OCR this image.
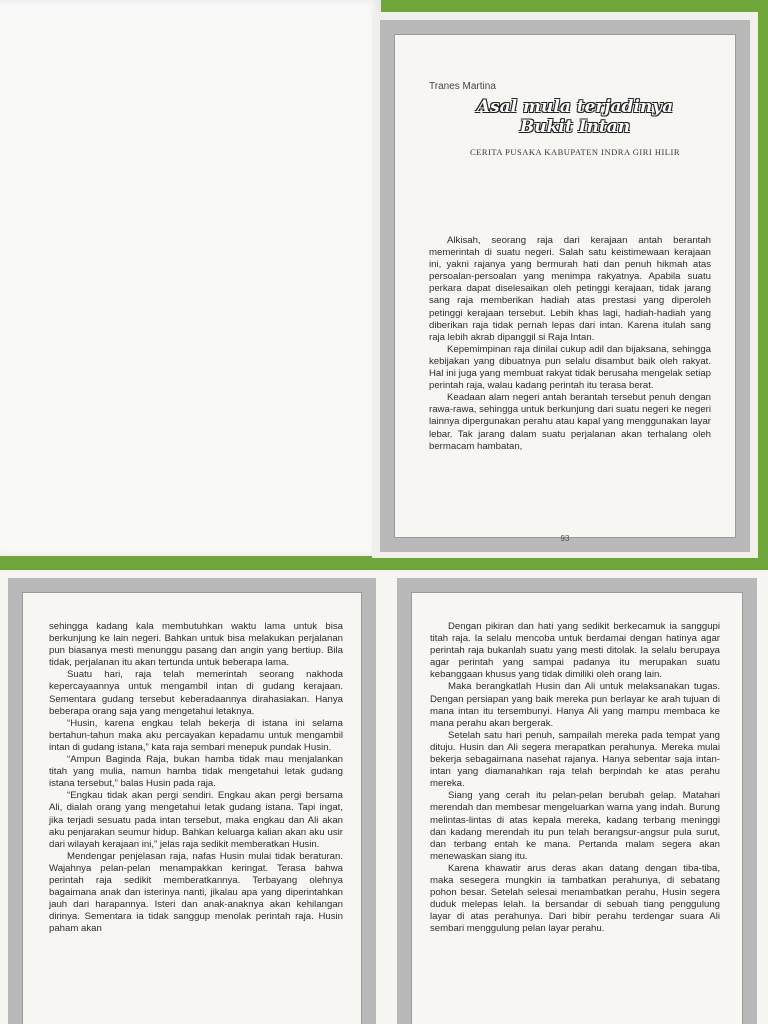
Tranes Martina
Asal mula terjadinya
Bukit Intan
CERITA PUSAKA KABUPATEN INDRA GIRI HILIR

Alkisah, seorang raja dari kerajaan antah berantah memerintah di suatu negeri. Salah satu keistimewaan kerajaan ini, yakni rajanya yang bermurah hati dan penuh hikmah atas persoalan-persoalan yang menimpa rakyatnya. Apabila suatu perkara dapat diselesaikan oleh petinggi kerajaan, tidak jarang sang raja memberikan hadiah atas prestasi yang diperoleh petinggi kerajaan tersebut. Lebih khas lagi, hadiah-hadiah yang diberikan raja tidak pernah lepas dari intan. Karena itulah sang raja lebih akrab dipanggil si Raja Intan.

Kepemimpinan raja dinilai cukup adil dan bijaksana, sehingga kebijakan yang dibuatnya pun selalu disambut baik oleh rakyat. Hal ini juga yang membuat rakyat tidak berusaha mengelak setiap perintah raja, walau kadang perintah itu terasa berat.

Keadaan alam negeri antah berantah tersebut penuh dengan rawa-rawa, sehingga untuk berkunjung dari suatu negeri ke negeri lainnya dipergunakan perahu atau kapal yang menggunakan layar lebar. Tak jarang dalam suatu perjalanan akan terhalang oleh bermacam hambatan,

93

sehingga kadang kala membutuhkan waktu lama untuk bisa berkunjung ke lain negeri. Bahkan untuk bisa melakukan perjalanan pun biasanya mesti menunggu pasang dan angin yang bertiup. Bila tidak, perjalanan itu akan tertunda untuk beberapa lama.

Suatu hari, raja telah memerintah seorang nakhoda kepercayaannya untuk mengambil intan di gudang kerajaan. Sementara gudang tersebut keberadaannya dirahasiakan. Hanya beberapa orang saja yang mengetahui letaknya.

“Husin, karena engkau telah bekerja di istana ini selama bertahun-tahun maka aku percayakan kepadamu untuk mengambil intan di gudang istana,” kata raja sembari menepuk pundak Husin.

“Ampun Baginda Raja, bukan hamba tidak mau menjalankan titah yang mulia, namun hamba tidak mengetahui letak gudang istana tersebut,” balas Husin pada raja.

“Engkau tidak akan pergi sendiri. Engkau akan pergi bersama Ali, dialah orang yang mengetahui letak gudang istana. Tapi ingat, jika terjadi sesuatu pada intan tersebut, maka engkau dan Ali akan aku penjarakan seumur hidup. Bahkan keluarga kalian akan aku usir dari wilayah kerajaan ini,” jelas raja sedikit memberatkan Husin.

Mendengar penjelasan raja, nafas Husin mulai tidak beraturan. Wajahnya pelan-pelan menampakkan keringat. Terasa bahwa perintah raja sedikit memberatkannya. Terbayang olehnya bagaimana anak dan isterinya nanti, jikalau apa yang diperintahkan jauh dari harapannya. Isteri dan anak-anaknya akan kehilangan dirinya. Sementara ia tidak sanggup menolak perintah raja. Husin paham akan

Dengan pikiran dan hati yang sedikit berkecamuk ia sanggupi titah raja. Ia selalu mencoba untuk berdamai dengan hatinya agar perintah raja bukanlah suatu yang mesti ditolak. Ia selalu berupaya agar perintah yang sampai padanya itu merupakan suatu kebanggaan khusus yang tidak dimiliki oleh orang lain.

Maka berangkatlah Husin dan Ali untuk melaksanakan tugas. Dengan persiapan yang baik mereka pun berlayar ke arah tujuan di mana intan itu tersembunyi. Hanya Ali yang mampu membaca ke mana perahu akan bergerak.

Setelah satu hari penuh, sampailah mereka pada tempat yang dituju. Husin dan Ali segera merapatkan perahunya. Mereka mulai bekerja sebagaimana nasehat rajanya. Hanya sebentar saja intan-intan yang diamanahkan raja telah berpindah ke atas perahu mereka.

Siang yang cerah itu pelan-pelan berubah gelap. Matahari merendah dan membesar mengeluarkan warna yang indah. Burung melintas-lintas di atas kepala mereka, kadang terbang meninggi dan kadang merendah itu pun telah berangsur-angsur pula surut, dan terbang entah ke mana. Pertanda malam segera akan menewaskan siang itu.

Karena khawatir arus deras akan datang dengan tiba-tiba, maka sesegera mungkin ia tambatkan perahunya, di sebatang pohon besar. Setelah selesai menambatkan perahu, Husin segera duduk melepas lelah. Ia bersandar di sebuah tiang penggulung layar di atas perahunya. Dari bibir perahu terdengar suara Ali sembari menggulung pelan layar perahu.
